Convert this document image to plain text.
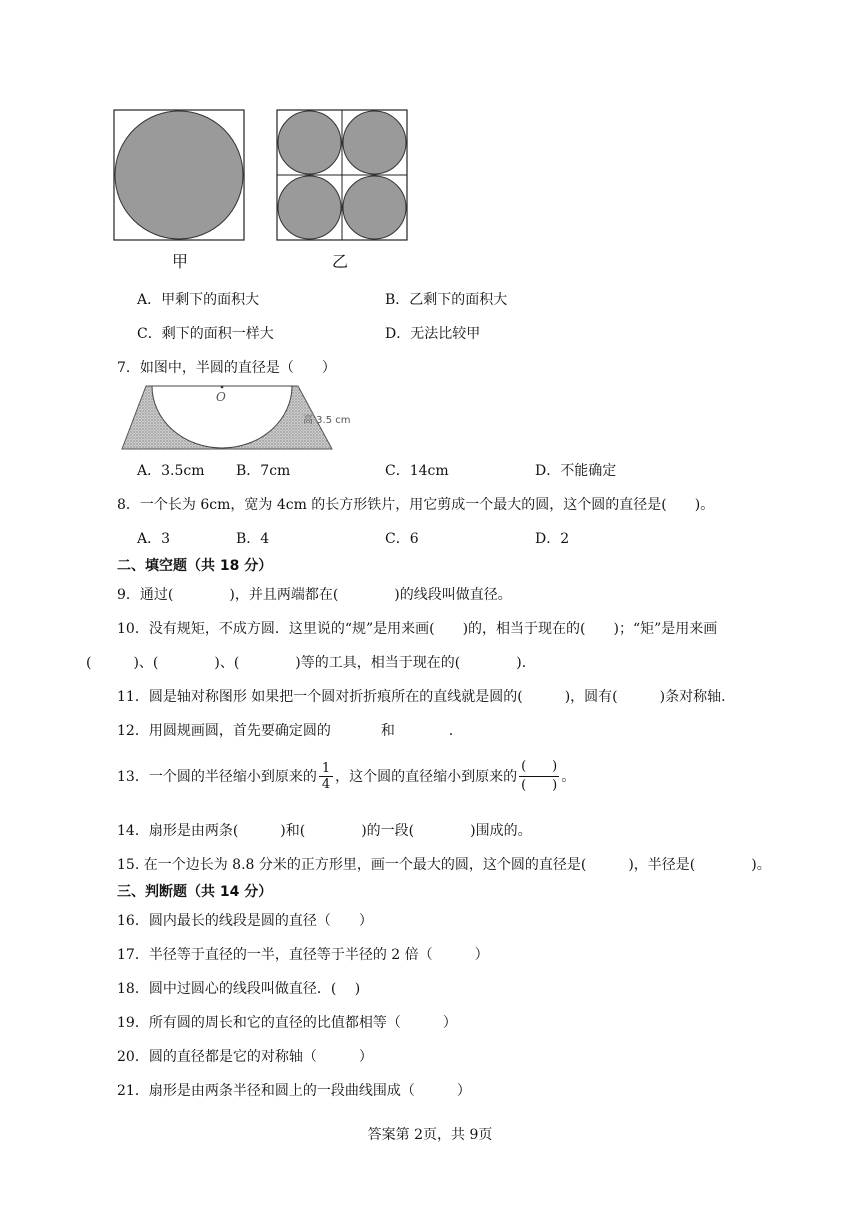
甲	乙
A．甲剩下的面积大	B．乙剩下的面积大
C．剩下的面积一样大	D．无法比较甲
7．如图中，半圆的直径是（　　）
O
高 3.5 cm
A．3.5cm B．7cm	C．14cm	D．不能确定
8．一个长为 6cm，宽为 4cm 的长方形铁片，用它剪成一个最大的圆，这个圆的直径是(　　)。
A．3	B．4	C．6	D．2
二、填空题（共 18 分）
9．通过(　　　　)，并且两端都在(　　　　)的线段叫做直径。
10．没有规矩，不成方圆．这里说的“规”是用来画(　　)的，相当于现在的(　　)；“矩”是用来画
(　　　)、(　　　　)、(　　　　)等的工具，相当于现在的(　　　　)．
11．圆是轴对称图形 如果把一个圆对折折痕所在的直线就是圆的(　　　)，圆有(　　　)条对称轴．
12．用圆规画圆，首先要确定圆的	和	．
13．一个圆的半径缩小到原来的 $\frac{1}{4}$ ，这个圆的直径缩小到原来的
(　　)
(　　)
。
14．扇形是由两条(　　　)和(　　　　)的一段(　　　　)围成的。
15. 在一个边长为 8.8 分米的正方形里，画一个最大的圆，这个圆的直径是(　　　)，半径是(　　　　)。
三、判断题（共 14 分）
16．圆内最长的线段是圆的直径（　　）
17．半径等于直径的一半，直径等于半径的 2 倍（　　　）
18．圆中过圆心的线段叫做直径．(　 )
19．所有圆的周长和它的直径的比值都相等（　　　）
20．圆的直径都是它的对称轴（　　　）
21．扇形是由两条半径和圆上的一段曲线围成（　　　）
答案第 2页，共 9页
